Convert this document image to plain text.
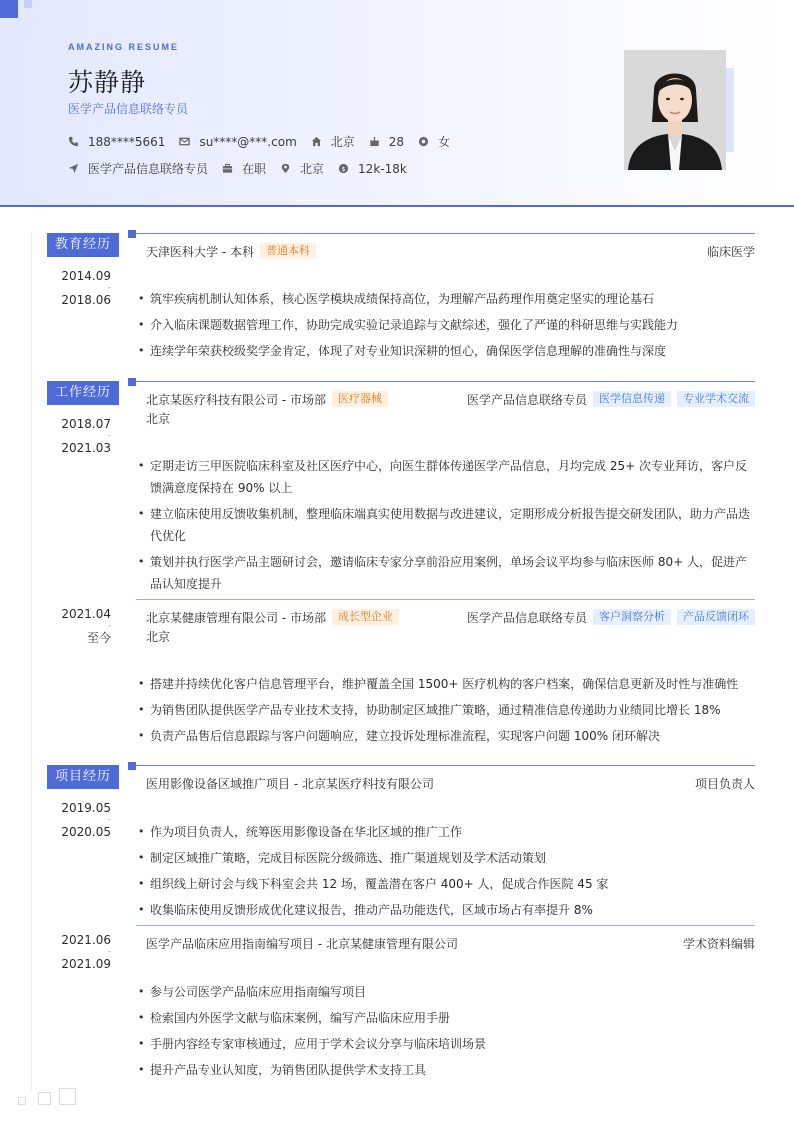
AMAZING RESUME
苏静静
医学产品信息联络专员
188****5661	su****@***.com	北京	28	女
医学产品信息联络专员	在职	北京 $ 12k-18k
教育经历
2014.09
-
2018.06
天津医科大学 - 本科	普通本科	临床医学
• 筑牢疾病机制认知体系，核心医学模块成绩保持高位，为理解产品药理作用奠定坚实的理论基石
• 介入临床课题数据管理工作，协助完成实验记录追踪与文献综述，强化了严谨的科研思维与实践能力
• 连续学年荣获校级奖学金肯定，体现了对专业知识深耕的恒心，确保医学信息理解的准确性与深度
工作经历
2018.07
-
2021.03
北京某医疗科技有限公司 - 市场部	医疗器械	医学产品信息联络专员	医学信息传递	专业学术交流
北京
• 定期走访三甲医院临床科室及社区医疗中心，向医生群体传递医学产品信息，月均完成 25+ 次专业拜访，客户反馈满意度保持在 90% 以上
• 建立临床使用反馈收集机制，整理临床端真实使用数据与改进建议，定期形成分析报告提交研发团队，助力产品迭代优化
• 策划并执行医学产品主题研讨会，邀请临床专家分享前沿应用案例，单场会议平均参与临床医师 80+ 人，促进产品认知度提升
2021.04
-
至今
北京某健康管理有限公司 - 市场部	成长型企业	医学产品信息联络专员	客户洞察分析	产品反馈闭环
北京
• 搭建并持续优化客户信息管理平台，维护覆盖全国 1500+ 医疗机构的客户档案，确保信息更新及时性与准确性
• 为销售团队提供医学产品专业技术支持，协助制定区域推广策略，通过精准信息传递助力业绩同比增长 18%
• 负责产品售后信息跟踪与客户问题响应，建立投诉处理标准流程，实现客户问题 100% 闭环解决
项目经历
2019.05
-
2020.05
医用影像设备区域推广项目 - 北京某医疗科技有限公司	项目负责人
• 作为项目负责人，统筹医用影像设备在华北区域的推广工作
• 制定区域推广策略，完成目标医院分级筛选、推广渠道规划及学术活动策划
• 组织线上研讨会与线下科室会共 12 场，覆盖潜在客户 400+ 人，促成合作医院 45 家
• 收集临床使用反馈形成优化建议报告，推动产品功能迭代，区域市场占有率提升 8%
2021.06
-
2021.09
医学产品临床应用指南编写项目 - 北京某健康管理有限公司	学术资料编辑
• 参与公司医学产品临床应用指南编写项目
• 检索国内外医学文献与临床案例，编写产品临床应用手册
• 手册内容经专家审核通过，应用于学术会议分享与临床培训场景
• 提升产品专业认知度，为销售团队提供学术支持工具
